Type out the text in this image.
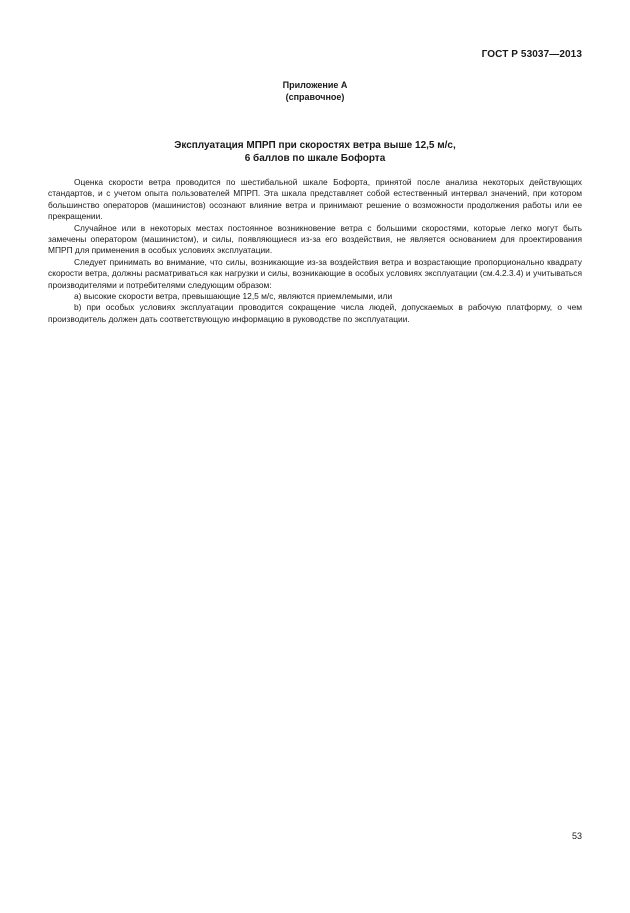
ГОСТ Р 53037—2013
Приложение А
(справочное)
Эксплуатация МПРП при скоростях ветра выше 12,5 м/с,
6 баллов по шкале Бофорта

Оценка скорости ветра проводится по шестибальной шкале Бофорта, принятой после анализа некоторых действующих стандартов, и с учетом опыта пользователей МПРП. Эта шкала представляет собой естественный интервал значений, при котором большинство операторов (машинистов) осознают влияние ветра и принимают решение о возможности продолжения работы или ее прекращении.

Случайное или в некоторых местах постоянное возникновение ветра с большими скоростями, которые легко могут быть замечены оператором (машинистом), и силы, появляющиеся из-за его воздействия, не является основанием для проектирования МПРП для применения в особых условиях эксплуатации.

Следует принимать во внимание, что силы, возникающие из-за воздействия ветра и возрастающие пропорционально квадрату скорости ветра, должны расматриваться как нагрузки и силы, возникающие в особых условиях эксплуатации (см.4.2.3.4) и учитываться производителями и потребителями следующим образом:

а) высокие скорости ветра, превышающие 12,5 м/с, являются приемлемыми, или

b) при особых условиях эксплуатации проводится сокращение числа людей, допускаемых в рабочую платформу, о чем производитель должен дать соответствующую информацию в руководстве по эксплуатации.

53
